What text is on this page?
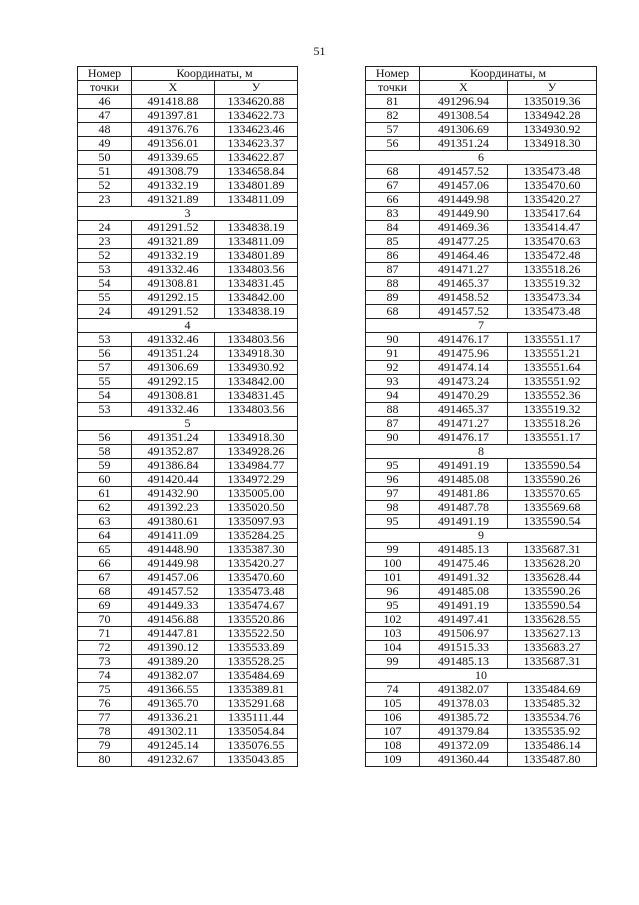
51
Номер	Координаты, м	
точки	X	У
46	491418.88	1334620.88
47	491397.81	1334622.73
48	491376.76	1334623.46
49	491356.01	1334623.37
50	491339.65	1334622.87
51	491308.79	1334658.84
52	491332.19	1334801.89
23	491321.89	1334811.09
3		
24	491291.52	1334838.19
23	491321.89	1334811.09
52	491332.19	1334801.89
53	491332.46	1334803.56
54	491308.81	1334831.45
55	491292.15	1334842.00
24	491291.52	1334838.19
4		
53	491332.46	1334803.56
56	491351.24	1334918.30
57	491306.69	1334930.92
55	491292.15	1334842.00
54	491308.81	1334831.45
53	491332.46	1334803.56
5		
56	491351.24	1334918.30
58	491352.87	1334928.26
59	491386.84	1334984.77
60	491420.44	1334972.29
61	491432.90	1335005.00
62	491392.23	1335020.50
63	491380.61	1335097.93
64	491411.09	1335284.25
65	491448.90	1335387.30
66	491449.98	1335420.27
67	491457.06	1335470.60
68	491457.52	1335473.48
69	491449.33	1335474.67
70	491456.88	1335520.86
71	491447.81	1335522.50
72	491390.12	1335533.89
73	491389.20	1335528.25
74	491382.07	1335484.69
75	491366.55	1335389.81
76	491365.70	1335291.68
77	491336.21	1335111.44
78	491302.11	1335054.84
79	491245.14	1335076.55
80	491232.67	1335043.85
Номер	Координаты, м	
точки	X	У
81	491296.94	1335019.36
82	491308.54	1334942.28
57	491306.69	1334930.92
56	491351.24	1334918.30
6		
68	491457.52	1335473.48
67	491457.06	1335470.60
66	491449.98	1335420.27
83	491449.90	1335417.64
84	491469.36	1335414.47
85	491477.25	1335470.63
86	491464.46	1335472.48
87	491471.27	1335518.26
88	491465.37	1335519.32
89	491458.52	1335473.34
68	491457.52	1335473.48
7		
90	491476.17	1335551.17
91	491475.96	1335551.21
92	491474.14	1335551.64
93	491473.24	1335551.92
94	491470.29	1335552.36
88	491465.37	1335519.32
87	491471.27	1335518.26
90	491476.17	1335551.17
8		
95	491491.19	1335590.54
96	491485.08	1335590.26
97	491481.86	1335570.65
98	491487.78	1335569.68
95	491491.19	1335590.54
9		
99	491485.13	1335687.31
100	491475.46	1335628.20
101	491491.32	1335628.44
96	491485.08	1335590.26
95	491491.19	1335590.54
102	491497.41	1335628.55
103	491506.97	1335627.13
104	491515.33	1335683.27
99	491485.13	1335687.31
10		
74	491382.07	1335484.69
105	491378.03	1335485.32
106	491385.72	1335534.76
107	491379.84	1335535.92
108	491372.09	1335486.14
109	491360.44	1335487.80
